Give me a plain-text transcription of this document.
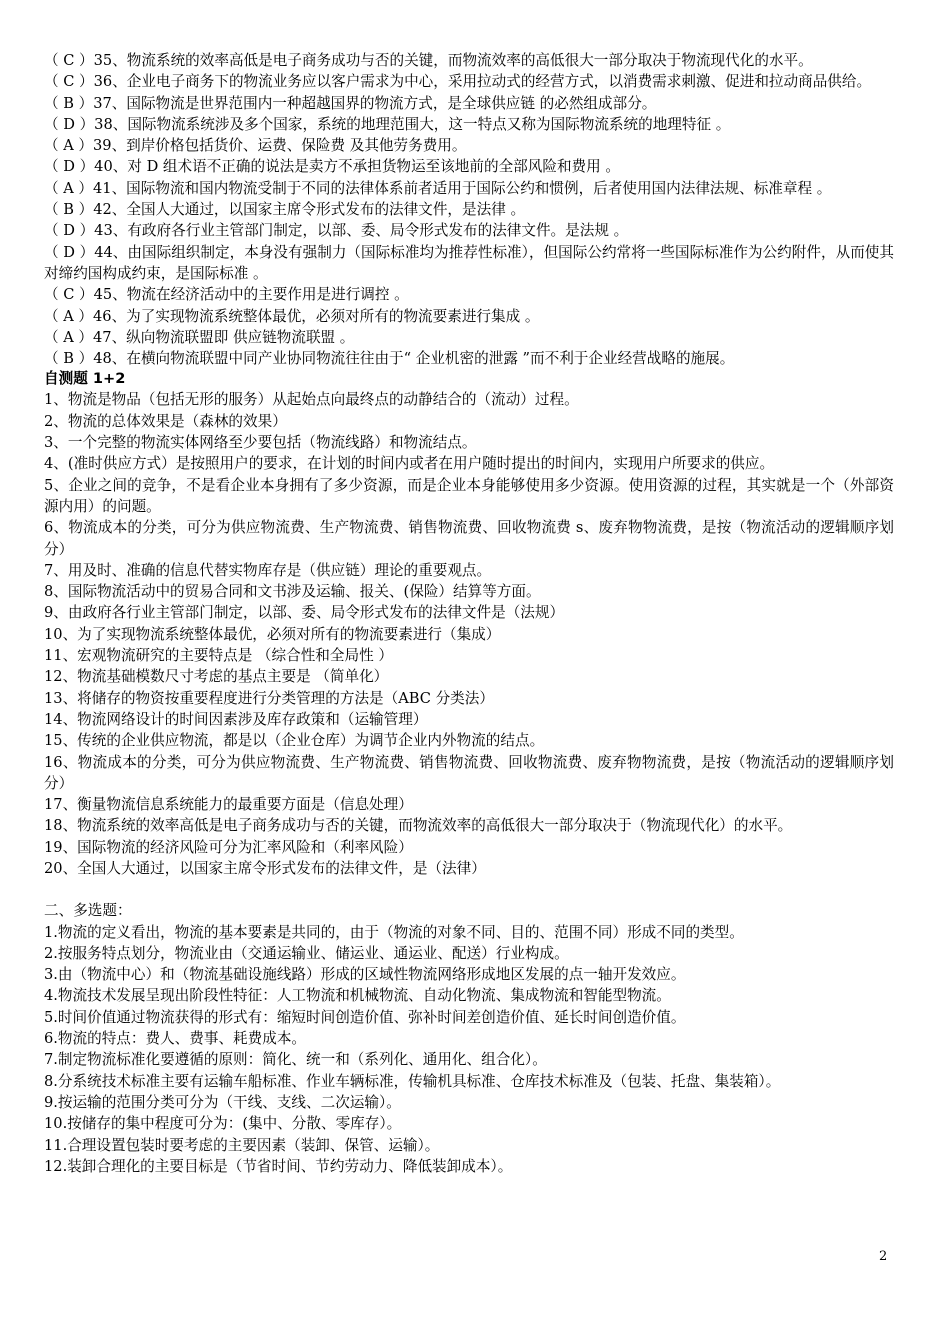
（ C ）35、物流系统的效率高低是电子商务成功与否的关键，而物流效率的高低很大一部分取决于物流现代化的水平。

（ C ）36、企业电子商务下的物流业务应以客户需求为中心，采用拉动式的经营方式，以消费需求刺激、促进和拉动商品供给。

（ B ）37、国际物流是世界范围内一种超越国界的物流方式，是全球供应链 的必然组成部分。

（ D ）38、国际物流系统涉及多个国家，系统的地理范围大，这一特点又称为国际物流系统的地理特征 。

（ A ）39、到岸价格包括货价、运费、保险费 及其他劳务费用。

（ D ）40、对 D 组术语不正确的说法是卖方不承担货物运至该地前的全部风险和费用 。

（ A ）41、国际物流和国内物流受制于不同的法律体系前者适用于国际公约和惯例，后者使用国内法律法规、标准章程 。

（ B ）42、全国人大通过，以国家主席令形式发布的法律文件，是法律 。

（ D ）43、有政府各行业主管部门制定，以部、委、局令形式发布的法律文件。是法规 。

（ D ）44、由国际组织制定，本身没有强制力（国际标准均为推荐性标准），但国际公约常将一些国际标准作为公约附件，从而使其对缔约国构成约束，是国际标准 。

（ C ）45、物流在经济活动中的主要作用是进行调控 。

（ A ）46、为了实现物流系统整体最优，必须对所有的物流要素进行集成 。

（ A ）47、纵向物流联盟即 供应链物流联盟 。

（ B ）48、在横向物流联盟中同产业协同物流往往由于“ 企业机密的泄露 ”而不利于企业经营战略的施展。

自测题 1+2

1、物流是物品（包括无形的服务）从起始点向最终点的动静结合的（流动）过程。

2、物流的总体效果是（森林的效果）

3、一个完整的物流实体网络至少要包括（物流线路）和物流结点。

4、(准时供应方式）是按照用户的要求，在计划的时间内或者在用户随时提出的时间内，实现用户所要求的供应。

5、企业之间的竞争，不是看企业本身拥有了多少资源，而是企业本身能够使用多少资源。使用资源的过程，其实就是一个（外部资源内用）的问题。

6、物流成本的分类，可分为供应物流费、生产物流费、销售物流费、回收物流费 s、废弃物物流费，是按（物流活动的逻辑顺序划分）

7、用及时、准确的信息代替实物库存是（供应链）理论的重要观点。

8、国际物流活动中的贸易合同和文书涉及运输、报关、(保险）结算等方面。

9、由政府各行业主管部门制定，以部、委、局令形式发布的法律文件是（法规）

10、为了实现物流系统整体最优，必须对所有的物流要素进行（集成）

11、宏观物流研究的主要特点是 （综合性和全局性 ）

12、物流基础模数尺寸考虑的基点主要是 （简单化）

13、将储存的物资按重要程度进行分类管理的方法是（ABC 分类法）

14、物流网络设计的时间因素涉及库存政策和（运输管理）

15、传统的企业供应物流，都是以（企业仓库）为调节企业内外物流的结点。

16、物流成本的分类，可分为供应物流费、生产物流费、销售物流费、回收物流费、废弃物物流费，是按（物流活动的逻辑顺序划分）

17、衡量物流信息系统能力的最重要方面是（信息处理）

18、物流系统的效率高低是电子商务成功与否的关键，而物流效率的高低很大一部分取决于（物流现代化）的水平。

19、国际物流的经济风险可分为汇率风险和（利率风险）

20、全国人大通过，以国家主席令形式发布的法律文件，是（法律）

二、多选题：

1.物流的定义看出，物流的基本要素是共同的，由于（物流的对象不同、目的、范围不同）形成不同的类型。

2.按服务特点划分，物流业由（交通运输业、储运业、通运业、配送）行业构成。

3.由（物流中心）和（物流基础设施线路）形成的区域性物流网络形成地区发展的点一轴开发效应。

4.物流技术发展呈现出阶段性特征：人工物流和机械物流、自动化物流、集成物流和智能型物流。

5.时间价值通过物流获得的形式有：缩短时间创造价值、弥补时间差创造价值、延长时间创造价值。

6.物流的特点：费人、费事、耗费成本。

7.制定物流标准化要遵循的原则：简化、统一和（系列化、通用化、组合化）。

8.分系统技术标准主要有运输车船标准、作业车辆标准，传输机具标准、仓库技术标准及（包装、托盘、集装箱）。

9.按运输的范围分类可分为（干线、支线、二次运输）。

10.按储存的集中程度可分为：(集中、分散、零库存）。

11.合理设置包装时要考虑的主要因素（装卸、保管、运输）。

12.装卸合理化的主要目标是（节省时间、节约劳动力、降低装卸成本）。

2
